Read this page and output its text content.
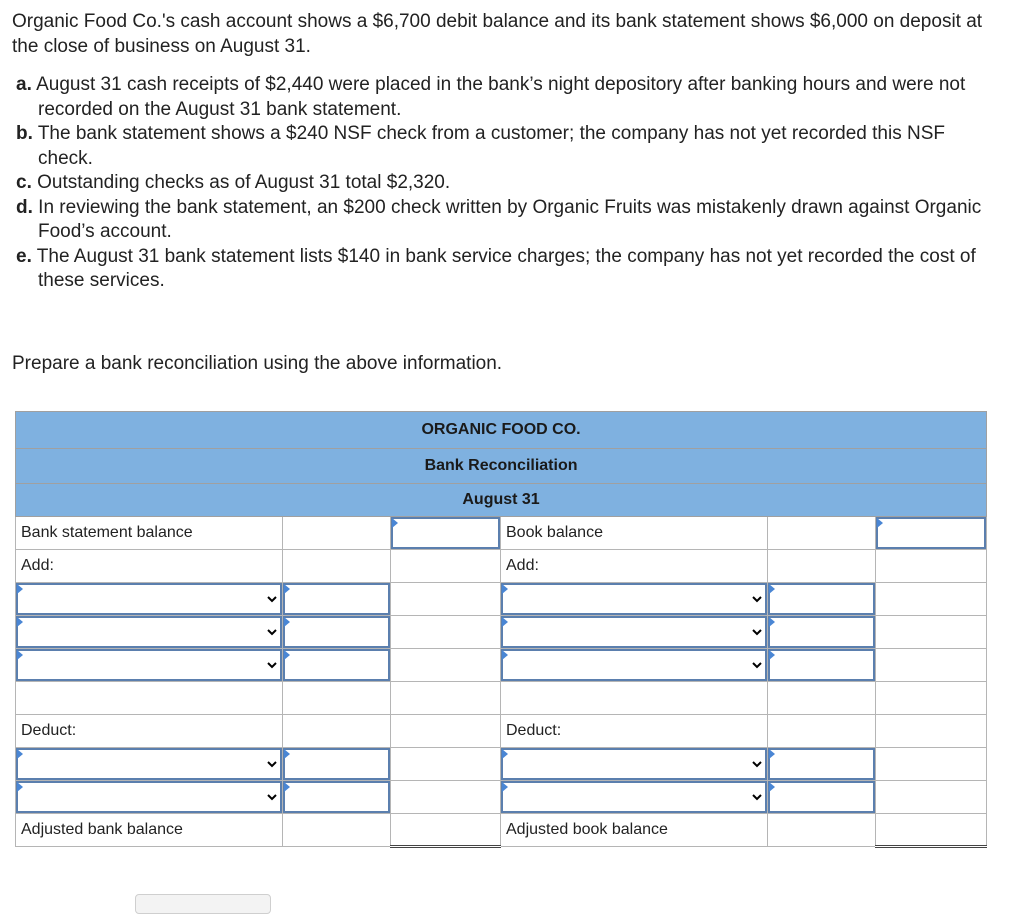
Organic Food Co.'s cash account shows a $6,700 debit balance and its bank statement shows $6,000 on deposit at the close of business on August 31.

a. August 31 cash receipts of $2,440 were placed in the bank’s night depository after banking hours and were not recorded on the August 31 bank statement.
b. The bank statement shows a $240 NSF check from a customer; the company has not yet recorded this NSF check.
c. Outstanding checks as of August 31 total $2,320.
d. In reviewing the bank statement, an $200 check written by Organic Fruits was mistakenly drawn against Organic Food’s account.
e. The August 31 bank statement lists $140 in bank service charges; the company has not yet recorded the cost of these services.
Prepare a bank reconciliation using the above information.
ORGANIC FOOD CO.					
Bank Reconciliation					
August 31					
Bank statement balance			Book balance		

Add:			Add:		

Deduct:			Deduct:		

Adjusted bank balance			Adjusted book balance		
